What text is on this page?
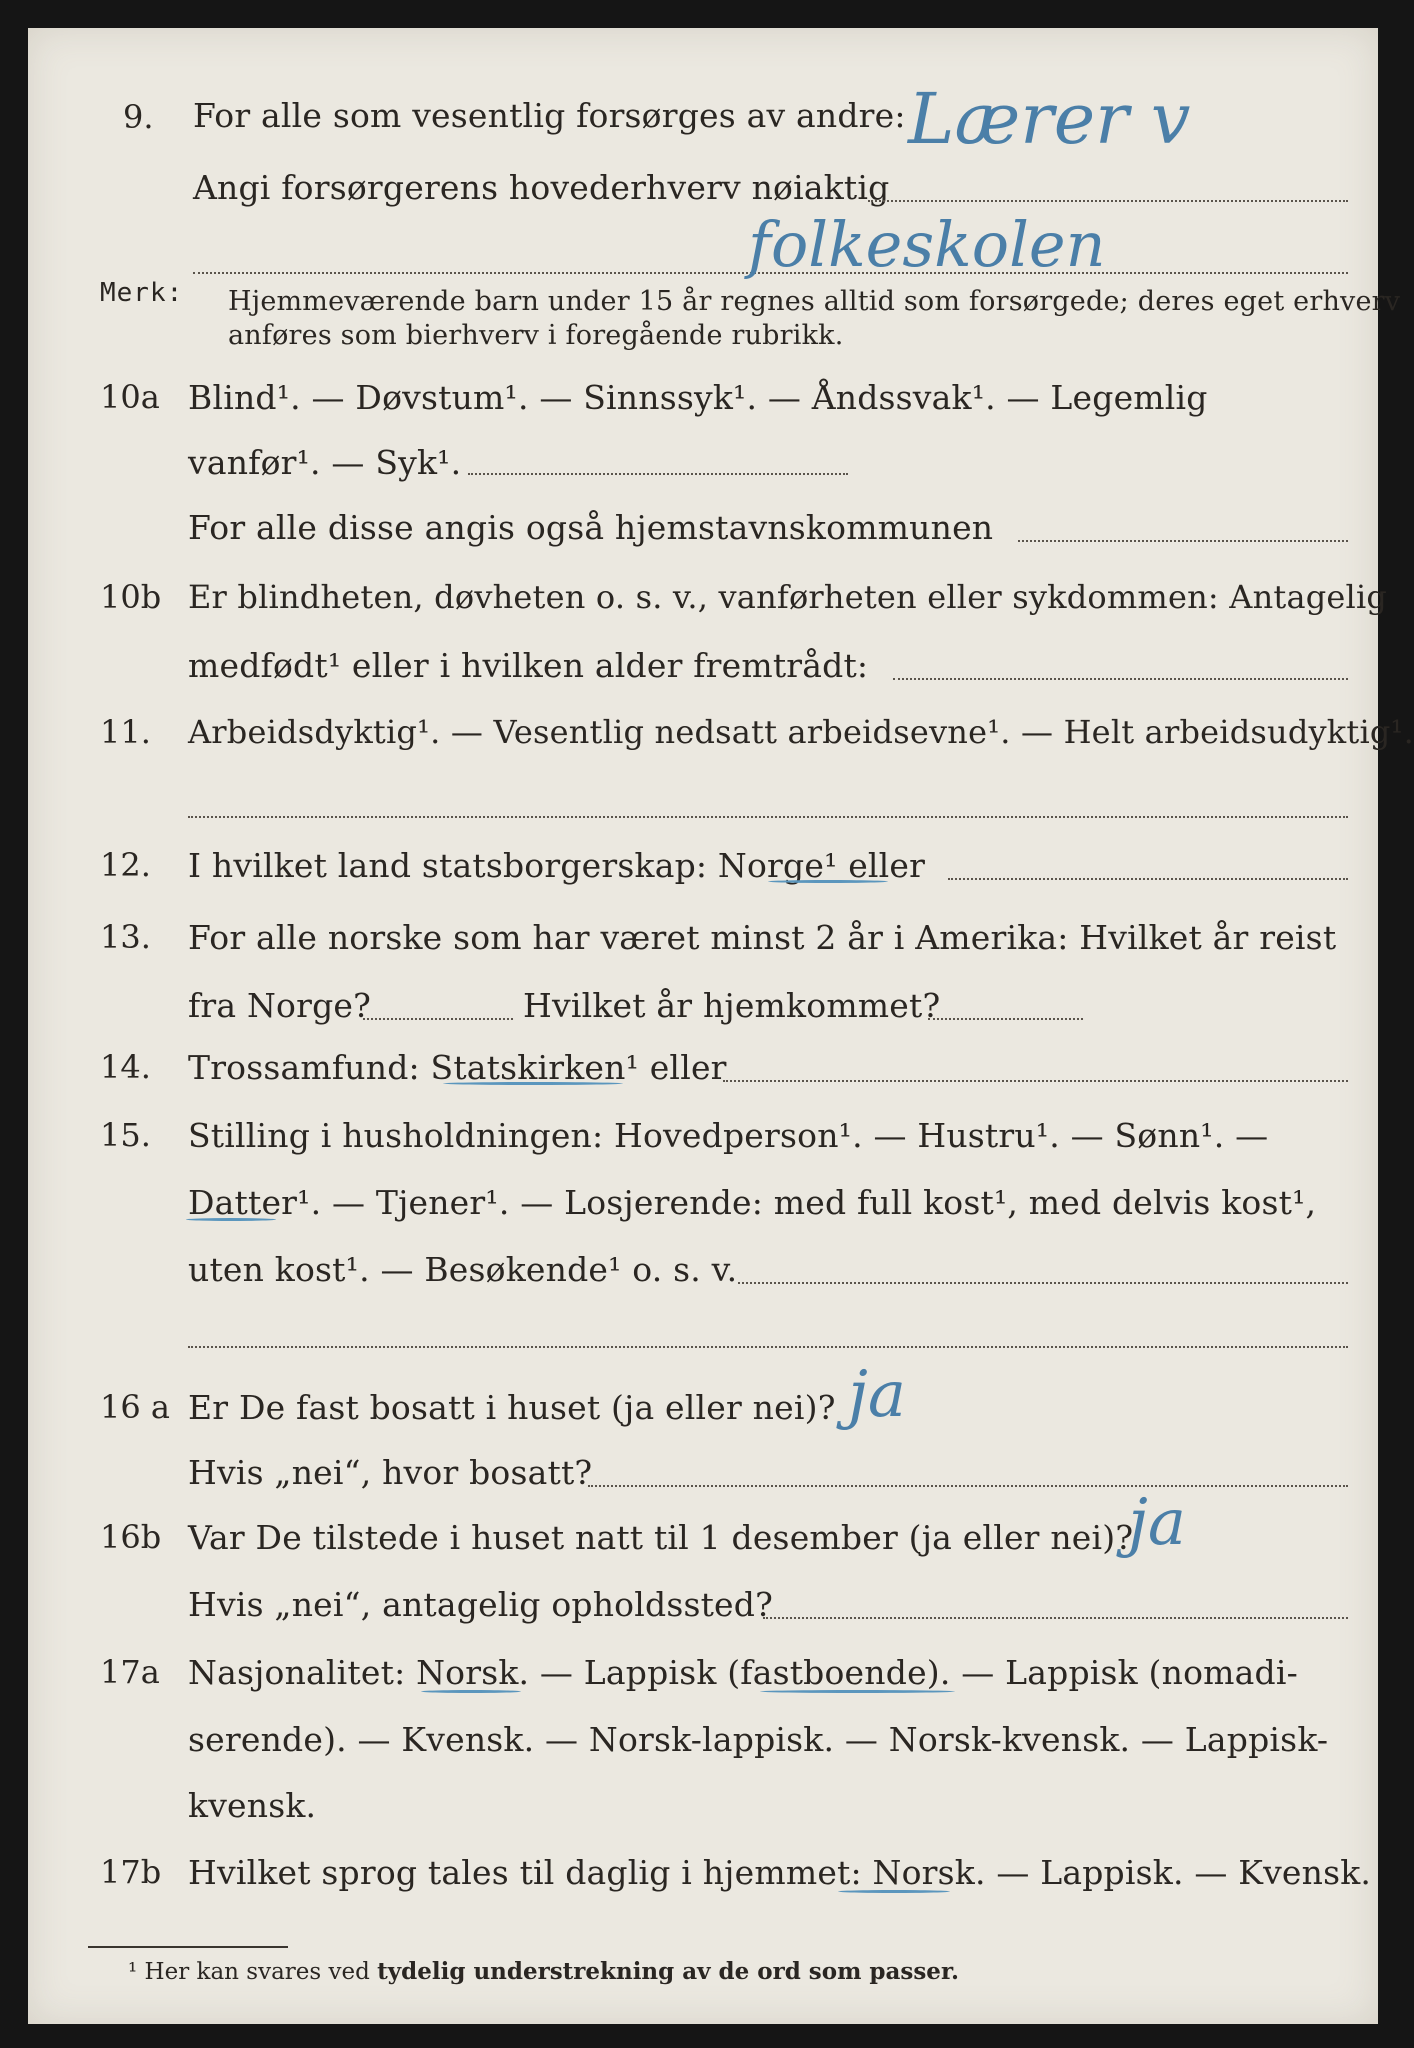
9. For alle som vesentlig forsørges av andre:
Angi forsørgerens hovederhverv nøiaktig
Lærer v
folkeskolen
Merk: Hjemmeværende barn under 15 år regnes alltid som forsørgede; deres eget erhverv
anføres som bierhverv i foregående rubrikk.
10a Blind¹. — Døvstum¹. — Sinnssyk¹. — Åndssvak¹. — Legemlig
vanfør¹. — Syk¹.
For alle disse angis også hjemstavnskommunen
10b Er blindheten, døvheten o. s. v., vanførheten eller sykdommen: Antagelig
medfødt¹ eller i hvilken alder fremtrådt:
11. Arbeidsdyktig¹. — Vesentlig nedsatt arbeidsevne¹. — Helt arbeidsudyktig¹.
12. I hvilket land statsborgerskap: Norge¹ eller
13. For alle norske som har været minst 2 år i Amerika: Hvilket år reist
fra Norge?	Hvilket år hjemkommet?
14. Trossamfund: Statskirken¹ eller
15. Stilling i husholdningen: Hovedperson¹. — Hustru¹. — Sønn¹. —
Datter¹. — Tjener¹. — Losjerende: med full kost¹, med delvis kost¹,
uten kost¹. — Besøkende¹ o. s. v.
16 a Er De fast bosatt i huset (ja eller nei)? ja
Hvis „nei“, hvor bosatt?
16b Var De tilstede i huset natt til 1 desember (ja eller nei)?
ja
Hvis „nei“, antagelig opholdssted?
17a Nasjonalitet: Norsk. — Lappisk (fastboende). — Lappisk (nomadi-
serende). — Kvensk. — Norsk-lappisk. — Norsk-kvensk. — Lappisk-
kvensk.
17b Hvilket sprog tales til daglig i hjemmet: Norsk. — Lappisk. — Kvensk.
¹ Her kan svares ved tydelig understrekning av de ord som passer.
